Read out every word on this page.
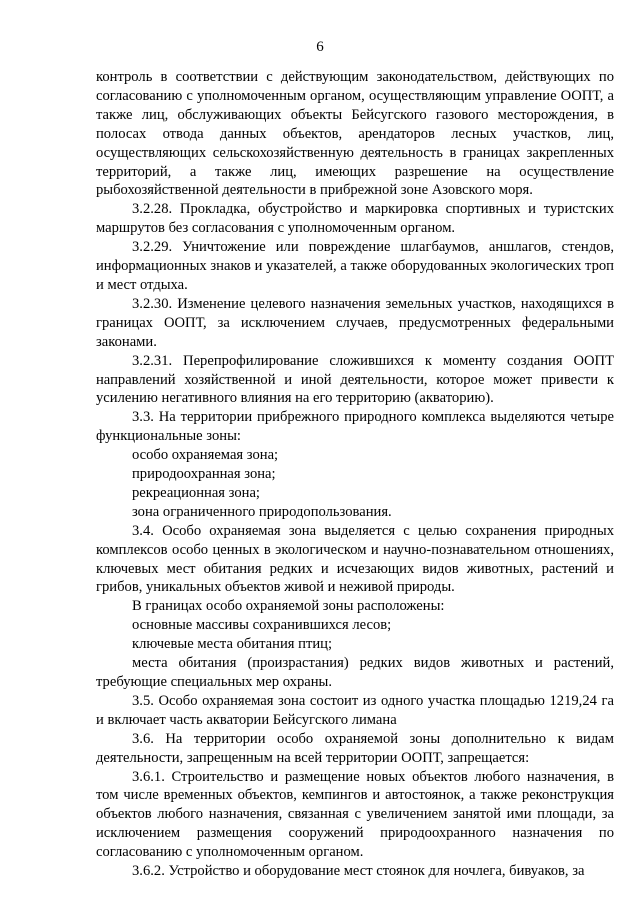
6

контроль в соответствии с действующим законодательством, действующих по согласованию с уполномоченным органом, осуществляющим управление ООПТ, а также лиц, обслуживающих объекты Бейсугского газового месторождения, в полосах отвода данных объектов, арендаторов лесных участков, лиц, осуществляющих сельскохозяйственную деятельность в границах закрепленных территорий, а также лиц, имеющих разрешение на осуществление рыбохозяйственной деятельности в прибрежной зоне Азовского моря.

3.2.28. Прокладка, обустройство и маркировка спортивных и туристских маршрутов без согласования с уполномоченным органом.

3.2.29. Уничтожение или повреждение шлагбаумов, аншлагов, стендов, информационных знаков и указателей, а также оборудованных экологических троп и мест отдыха.

3.2.30. Изменение целевого назначения земельных участков, находящихся в границах ООПТ, за исключением случаев, предусмотренных федеральными законами.

3.2.31. Перепрофилирование сложившихся к моменту создания ООПТ направлений хозяйственной и иной деятельности, которое может привести к усилению негативного влияния на его территорию (акваторию).

3.3. На территории прибрежного природного комплекса выделяются четыре функциональные зоны:

особо охраняемая зона;

природоохранная зона;

рекреационная зона;

зона ограниченного природопользования.

3.4. Особо охраняемая зона выделяется с целью сохранения природных комплексов особо ценных в экологическом и научно-познавательном отношениях, ключевых мест обитания редких и исчезающих видов животных, растений и грибов, уникальных объектов живой и неживой природы.

В границах особо охраняемой зоны расположены:

основные массивы сохранившихся лесов;

ключевые места обитания птиц;

места обитания (произрастания) редких видов животных и растений, требующие специальных мер охраны.

3.5. Особо охраняемая зона состоит из одного участка площадью 1219,24 га и включает часть акватории Бейсугского лимана

3.6. На территории особо охраняемой зоны дополнительно к видам деятельности, запрещенным на всей территории ООПТ, запрещается:

3.6.1. Строительство и размещение новых объектов любого назначения, в том числе временных объектов, кемпингов и автостоянок, а также реконструкция объектов любого назначения, связанная с увеличением занятой ими площади, за исключением размещения сооружений природоохранного назначения по согласованию с уполномоченным органом.

3.6.2. Устройство и оборудование мест стоянок для ночлега, бивуаков, за
